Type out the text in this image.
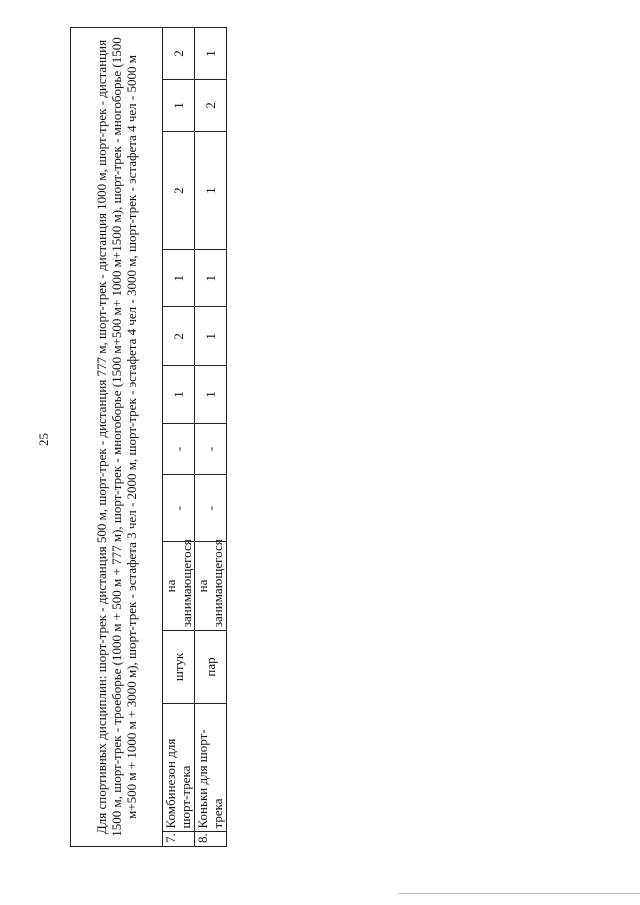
25	Для спортивных дисциплин: шорт-трек - дистанция 500 м, шорт-трек - дистанция 777 м, шорт-трек - дистанция 1000 м, шорт-трек - дистанция 1500 м, шорт-трек - троеборье (1000 м + 500 м + 777 м), шорт-трек - многоборье (1500 м+500 м+ 1000 м+1500 м), шорт-трек - многоборье (1500 м+500 м + 1000 м + 3000 м), шорт-трек - эстафета 3 чел - 2000 м, шорт-трек - эстафета 4 чел - 3000 м, шорт-трек - эстафета 4 чел - 5000 м											
7.	Комбинезон для шорт-трека	штук	на занимающегося	-	-	1	2	1	2	1	2
8.	Коньки для шорт-трека	пар	на занимающегося	-	-	1	1	1	1	2	1
